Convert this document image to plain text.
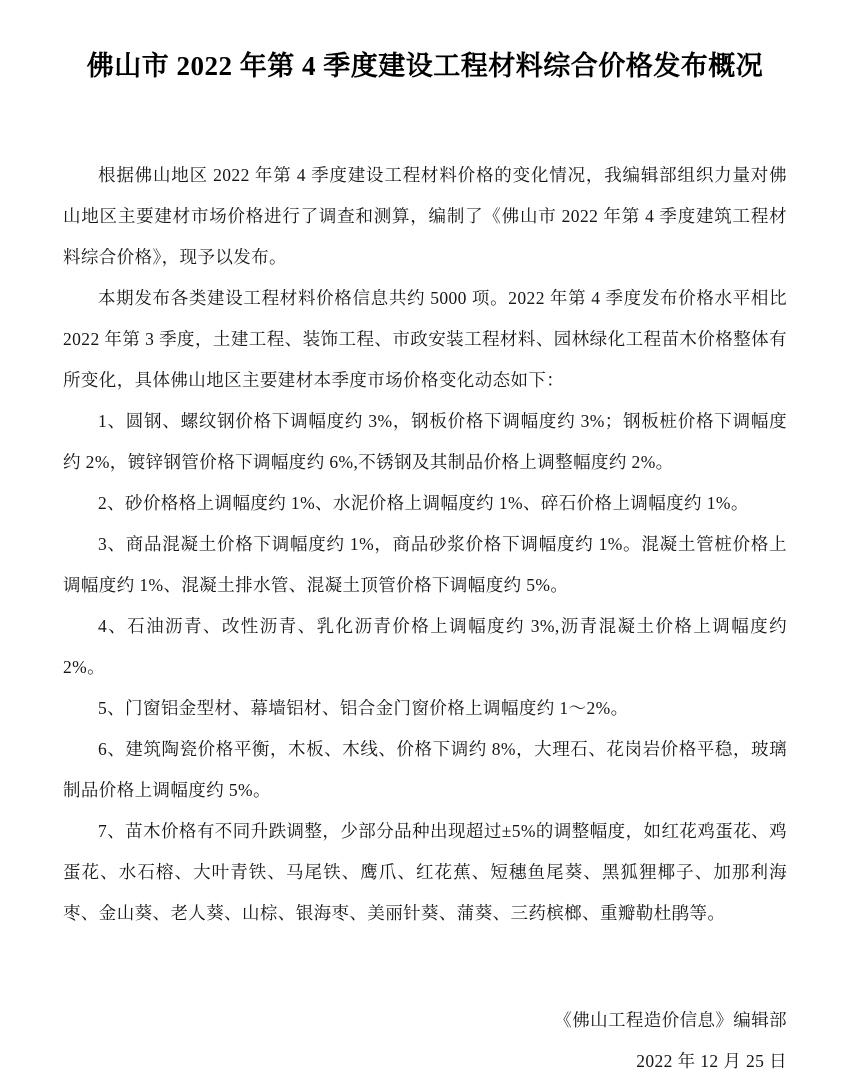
佛山市 2022 年第 4 季度建设工程材料综合价格发布概况

根据佛山地区 2022 年第 4 季度建设工程材料价格的变化情况，我编辑部组织力量对佛山地区主要建材市场价格进行了调查和测算，编制了《佛山市 2022 年第 4 季度建筑工程材料综合价格》，现予以发布。

本期发布各类建设工程材料价格信息共约 5000 项。2022 年第 4 季度发布价格水平相比 2022 年第 3 季度，土建工程、装饰工程、市政安装工程材料、园林绿化工程苗木价格整体有所变化，具体佛山地区主要建材本季度市场价格变化动态如下：

1、圆钢、螺纹钢价格下调幅度约 3%，钢板价格下调幅度约 3%；钢板桩价格下调幅度约 2%，镀锌钢管价格下调幅度约 6%,不锈钢及其制品价格上调整幅度约 2%。

2、砂价格格上调幅度约 1%、水泥价格上调幅度约 1%、碎石价格上调幅度约 1%。

3、商品混凝土价格下调幅度约 1%，商品砂浆价格下调幅度约 1%。混凝土管桩价格上调幅度约 1%、混凝土排水管、混凝土顶管价格下调幅度约 5%。

4、石油沥青、改性沥青、乳化沥青价格上调幅度约 3%,沥青混凝土价格上调幅度约 2%。

5、门窗铝金型材、幕墙铝材、铝合金门窗价格上调幅度约 1～2%。

6、建筑陶瓷价格平衡，木板、木线、价格下调约 8%，大理石、花岗岩价格平稳，玻璃制品价格上调幅度约 5%。

7、苗木价格有不同升跌调整，少部分品种出现超过±5%的调整幅度，如红花鸡蛋花、鸡蛋花、水石榕、大叶青铁、马尾铁、鹰爪、红花蕉、短穗鱼尾葵、黑狐狸椰子、加那利海枣、金山葵、老人葵、山棕、银海枣、美丽针葵、蒲葵、三药槟榔、重瓣勒杜鹃等。

《佛山工程造价信息》编辑部

2022 年 12 月 25 日
